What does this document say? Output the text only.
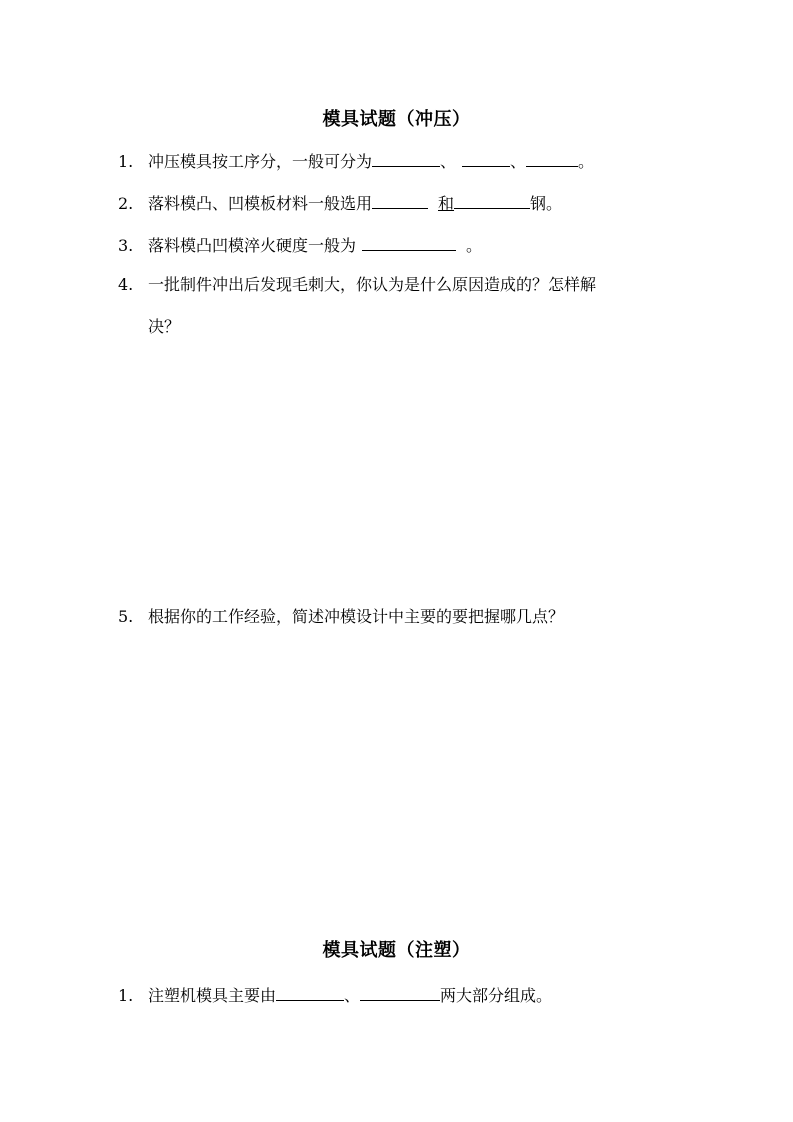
模具试题（冲压）
1. 冲压模具按工序分，一般可分为	、	、	。
2. 落料模凸、凹模板材料一般选用	和	钢。
3. 落料模凸凹模淬火硬度一般为	。
4. 一批制件冲出后发现毛刺大，你认为是什么原因造成的？怎样解
决？
5. 根据你的工作经验，简述冲模设计中主要的要把握哪几点？
模具试题（注塑）
1. 注塑机模具主要由	、	两大部分组成。
